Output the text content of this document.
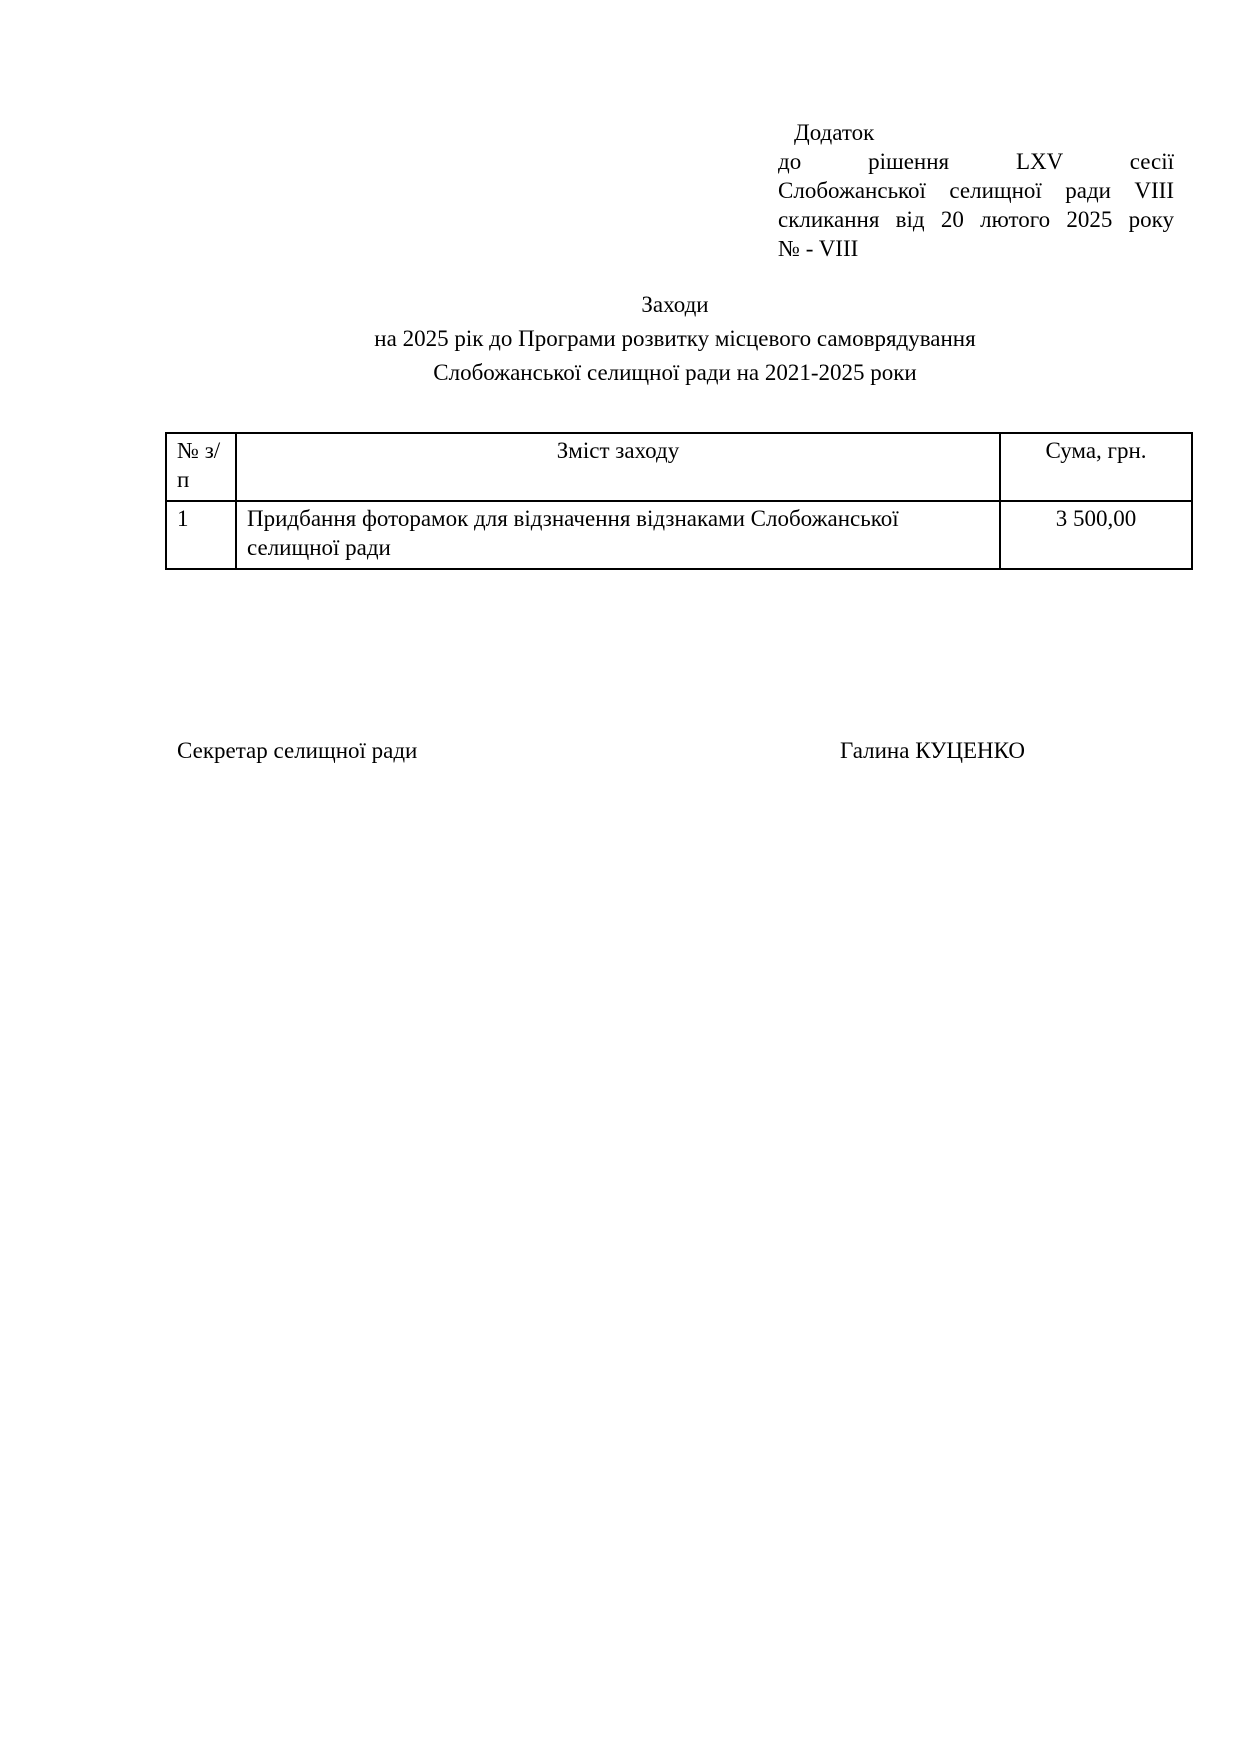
Додаток
до рішення LXV сесії
Слобожанської селищної ради VIII
скликання від 20 лютого 2025 року
№ - VIII
Заходи
на 2025 рік до Програми розвитку місцевого самоврядування
Слобожанської селищної ради на 2021-2025 роки
№ з/п	Зміст заходу	Сума, грн.
1	Придбання фоторамок для відзначення відзнаками Слобожанської селищної ради	3 500,00
Секретар селищної ради	Галина КУЦЕНКО
